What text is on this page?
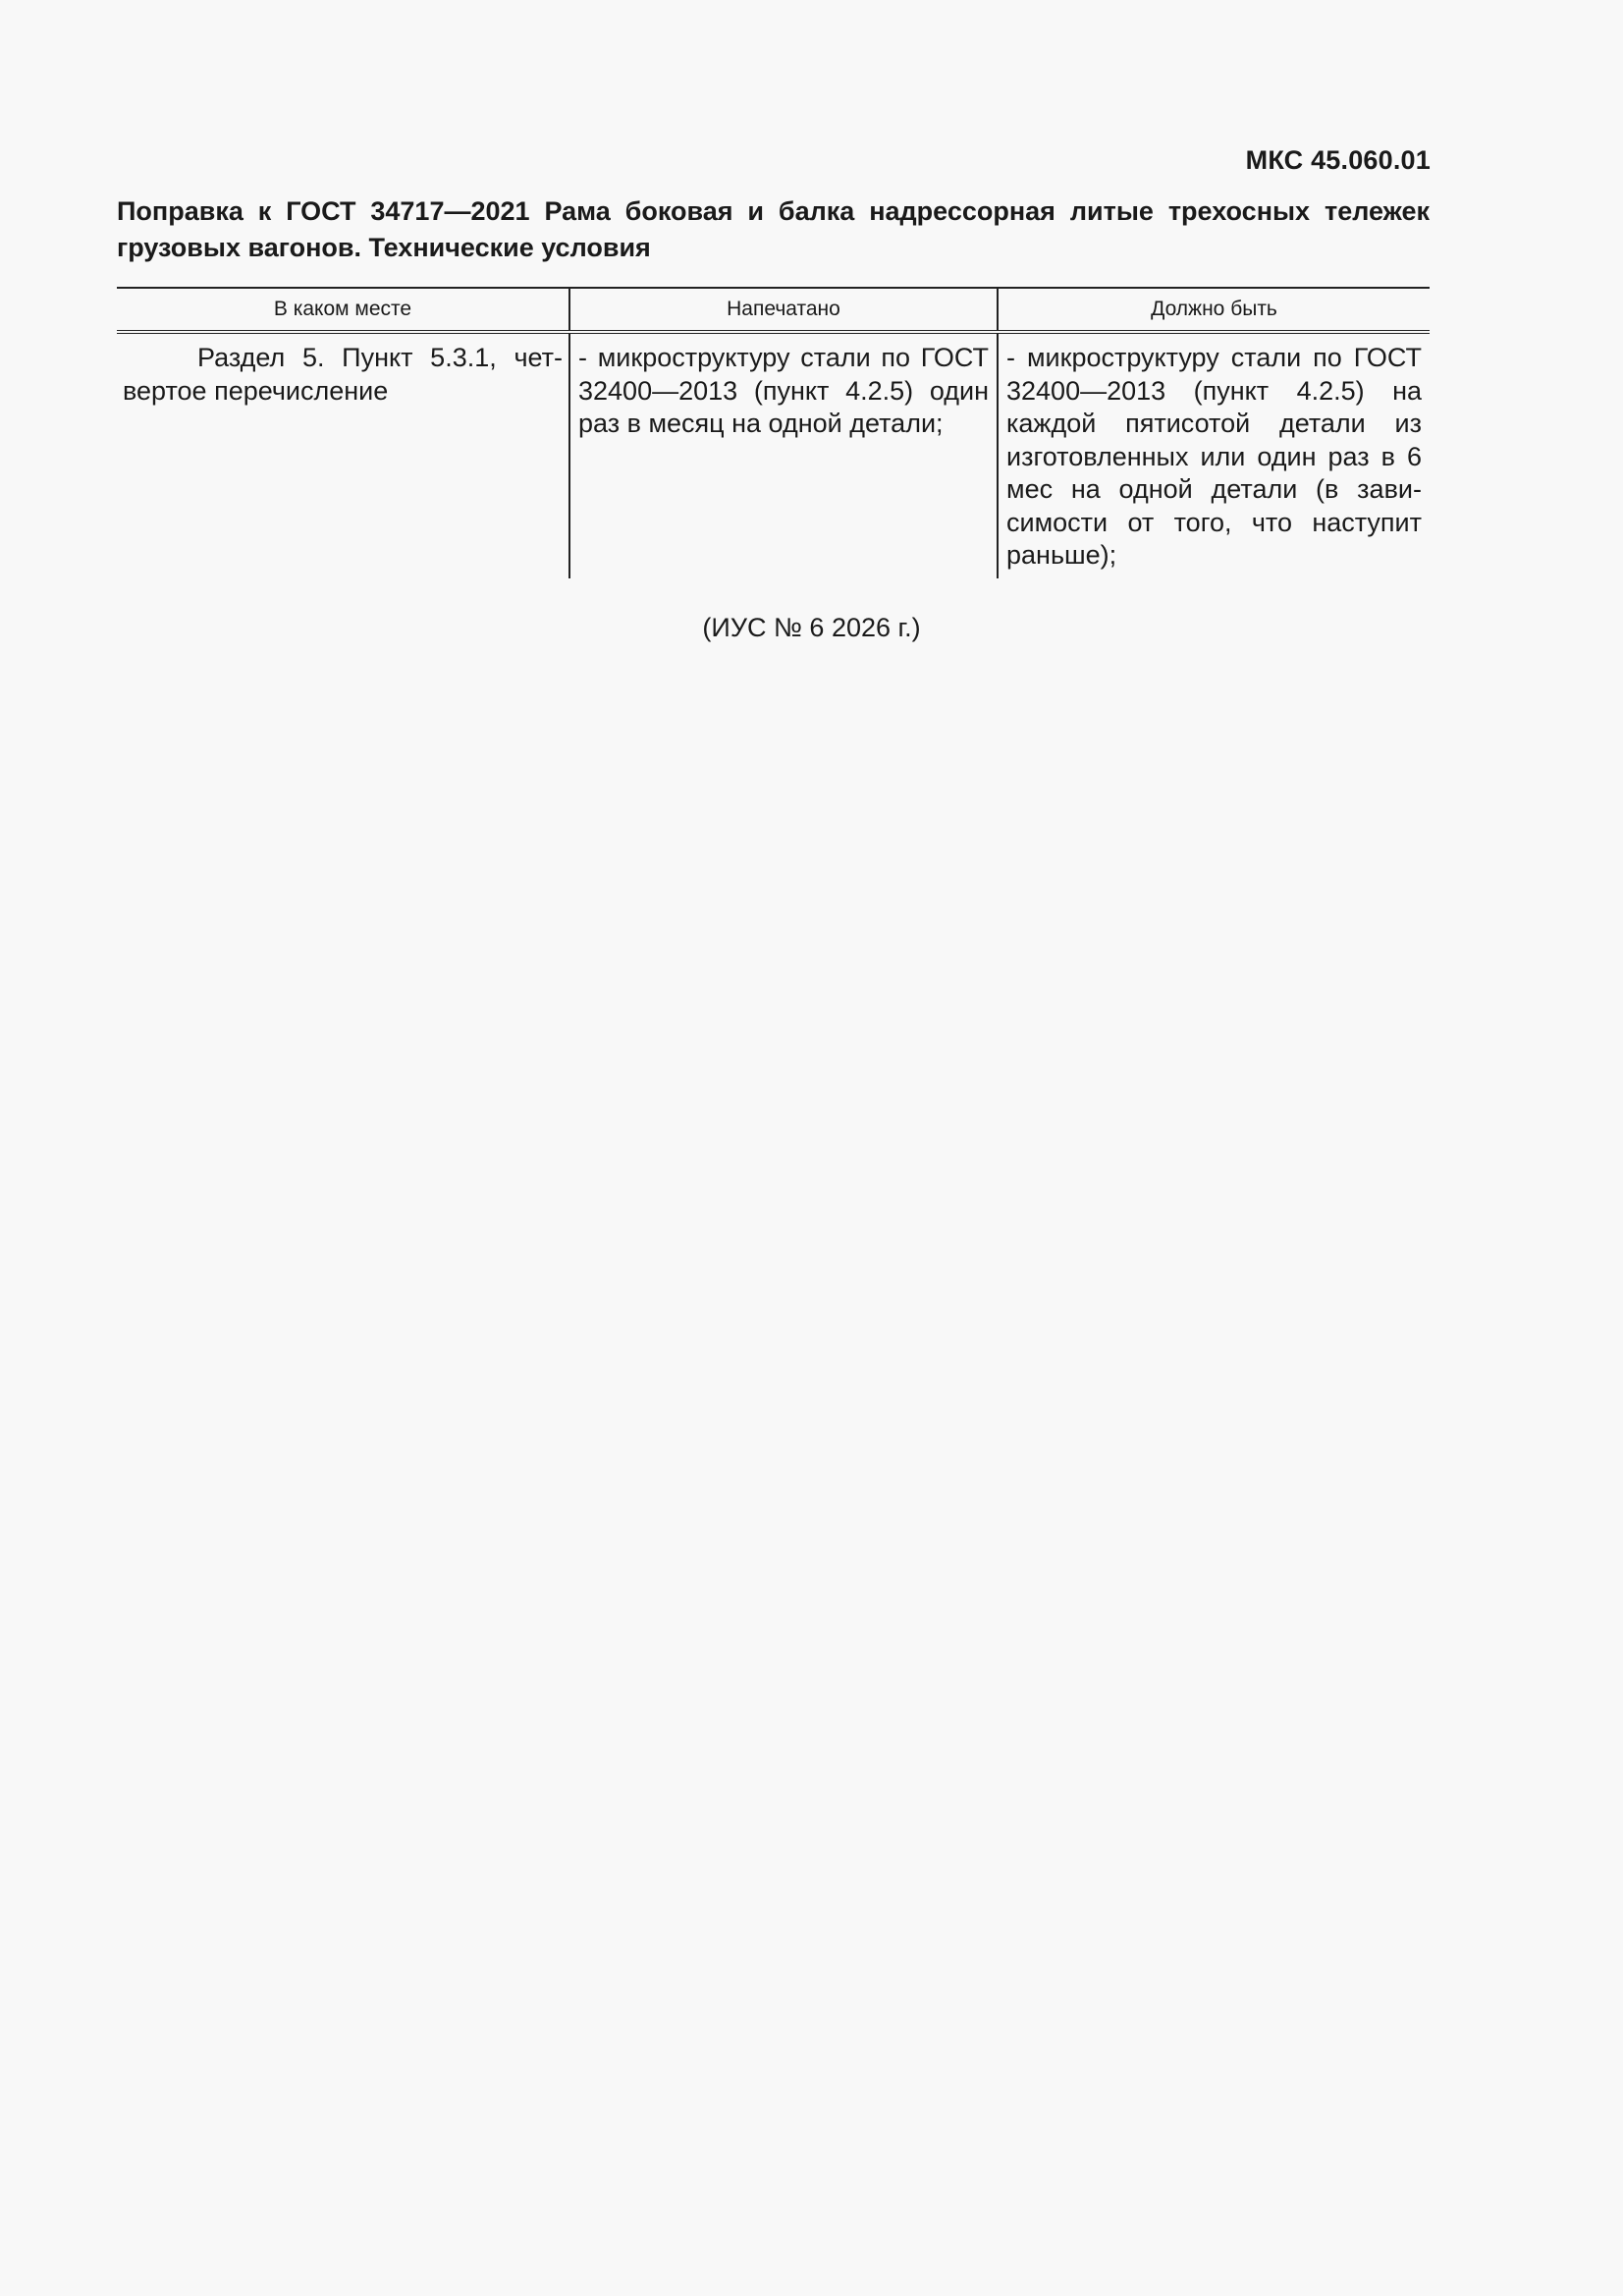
МКС 45.060.01
Поправка к ГОСТ 34717—2021 Рама боковая и балка надрессорная литые трехосных тележек грузовых вагонов. Технические условия
В каком месте	Напечатано	Должно быть
Раздел 5. Пункт 5.3.1, четвертое перечисление	- микроструктуру стали по ГОСТ 32400—2013 (пункт 4.2.5) один раз в месяц на одной детали;	- микроструктуру стали по ГОСТ 32400—2013 (пункт 4.2.5) на каждой пятисотой детали из изготовленных или один раз в 6 мес на одной детали (в зависимости от того, что наступит раньше);
(ИУС № 6 2026 г.)
